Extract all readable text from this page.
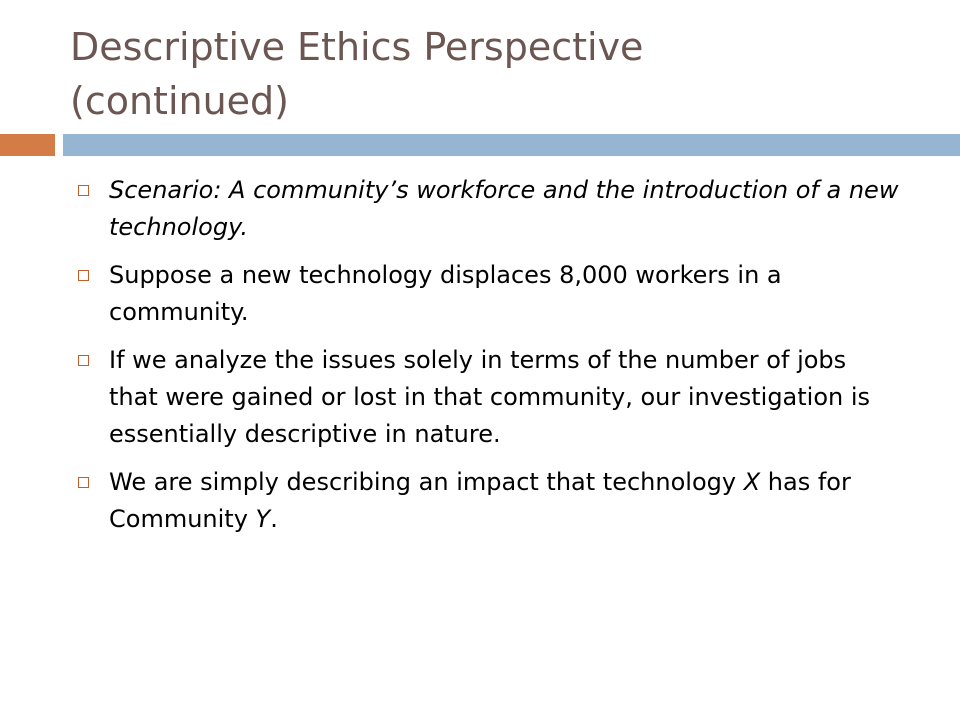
Descriptive Ethics Perspective
(continued)
Scenario: A community’s workforce and the introduction of a new technology.
Suppose a new technology displaces 8,000 workers in a community.
If we analyze the issues solely in terms of the number of jobs that were gained or lost in that community, our investigation is essentially descriptive in nature.
We are simply describing an impact that technology X has for Community Y.
